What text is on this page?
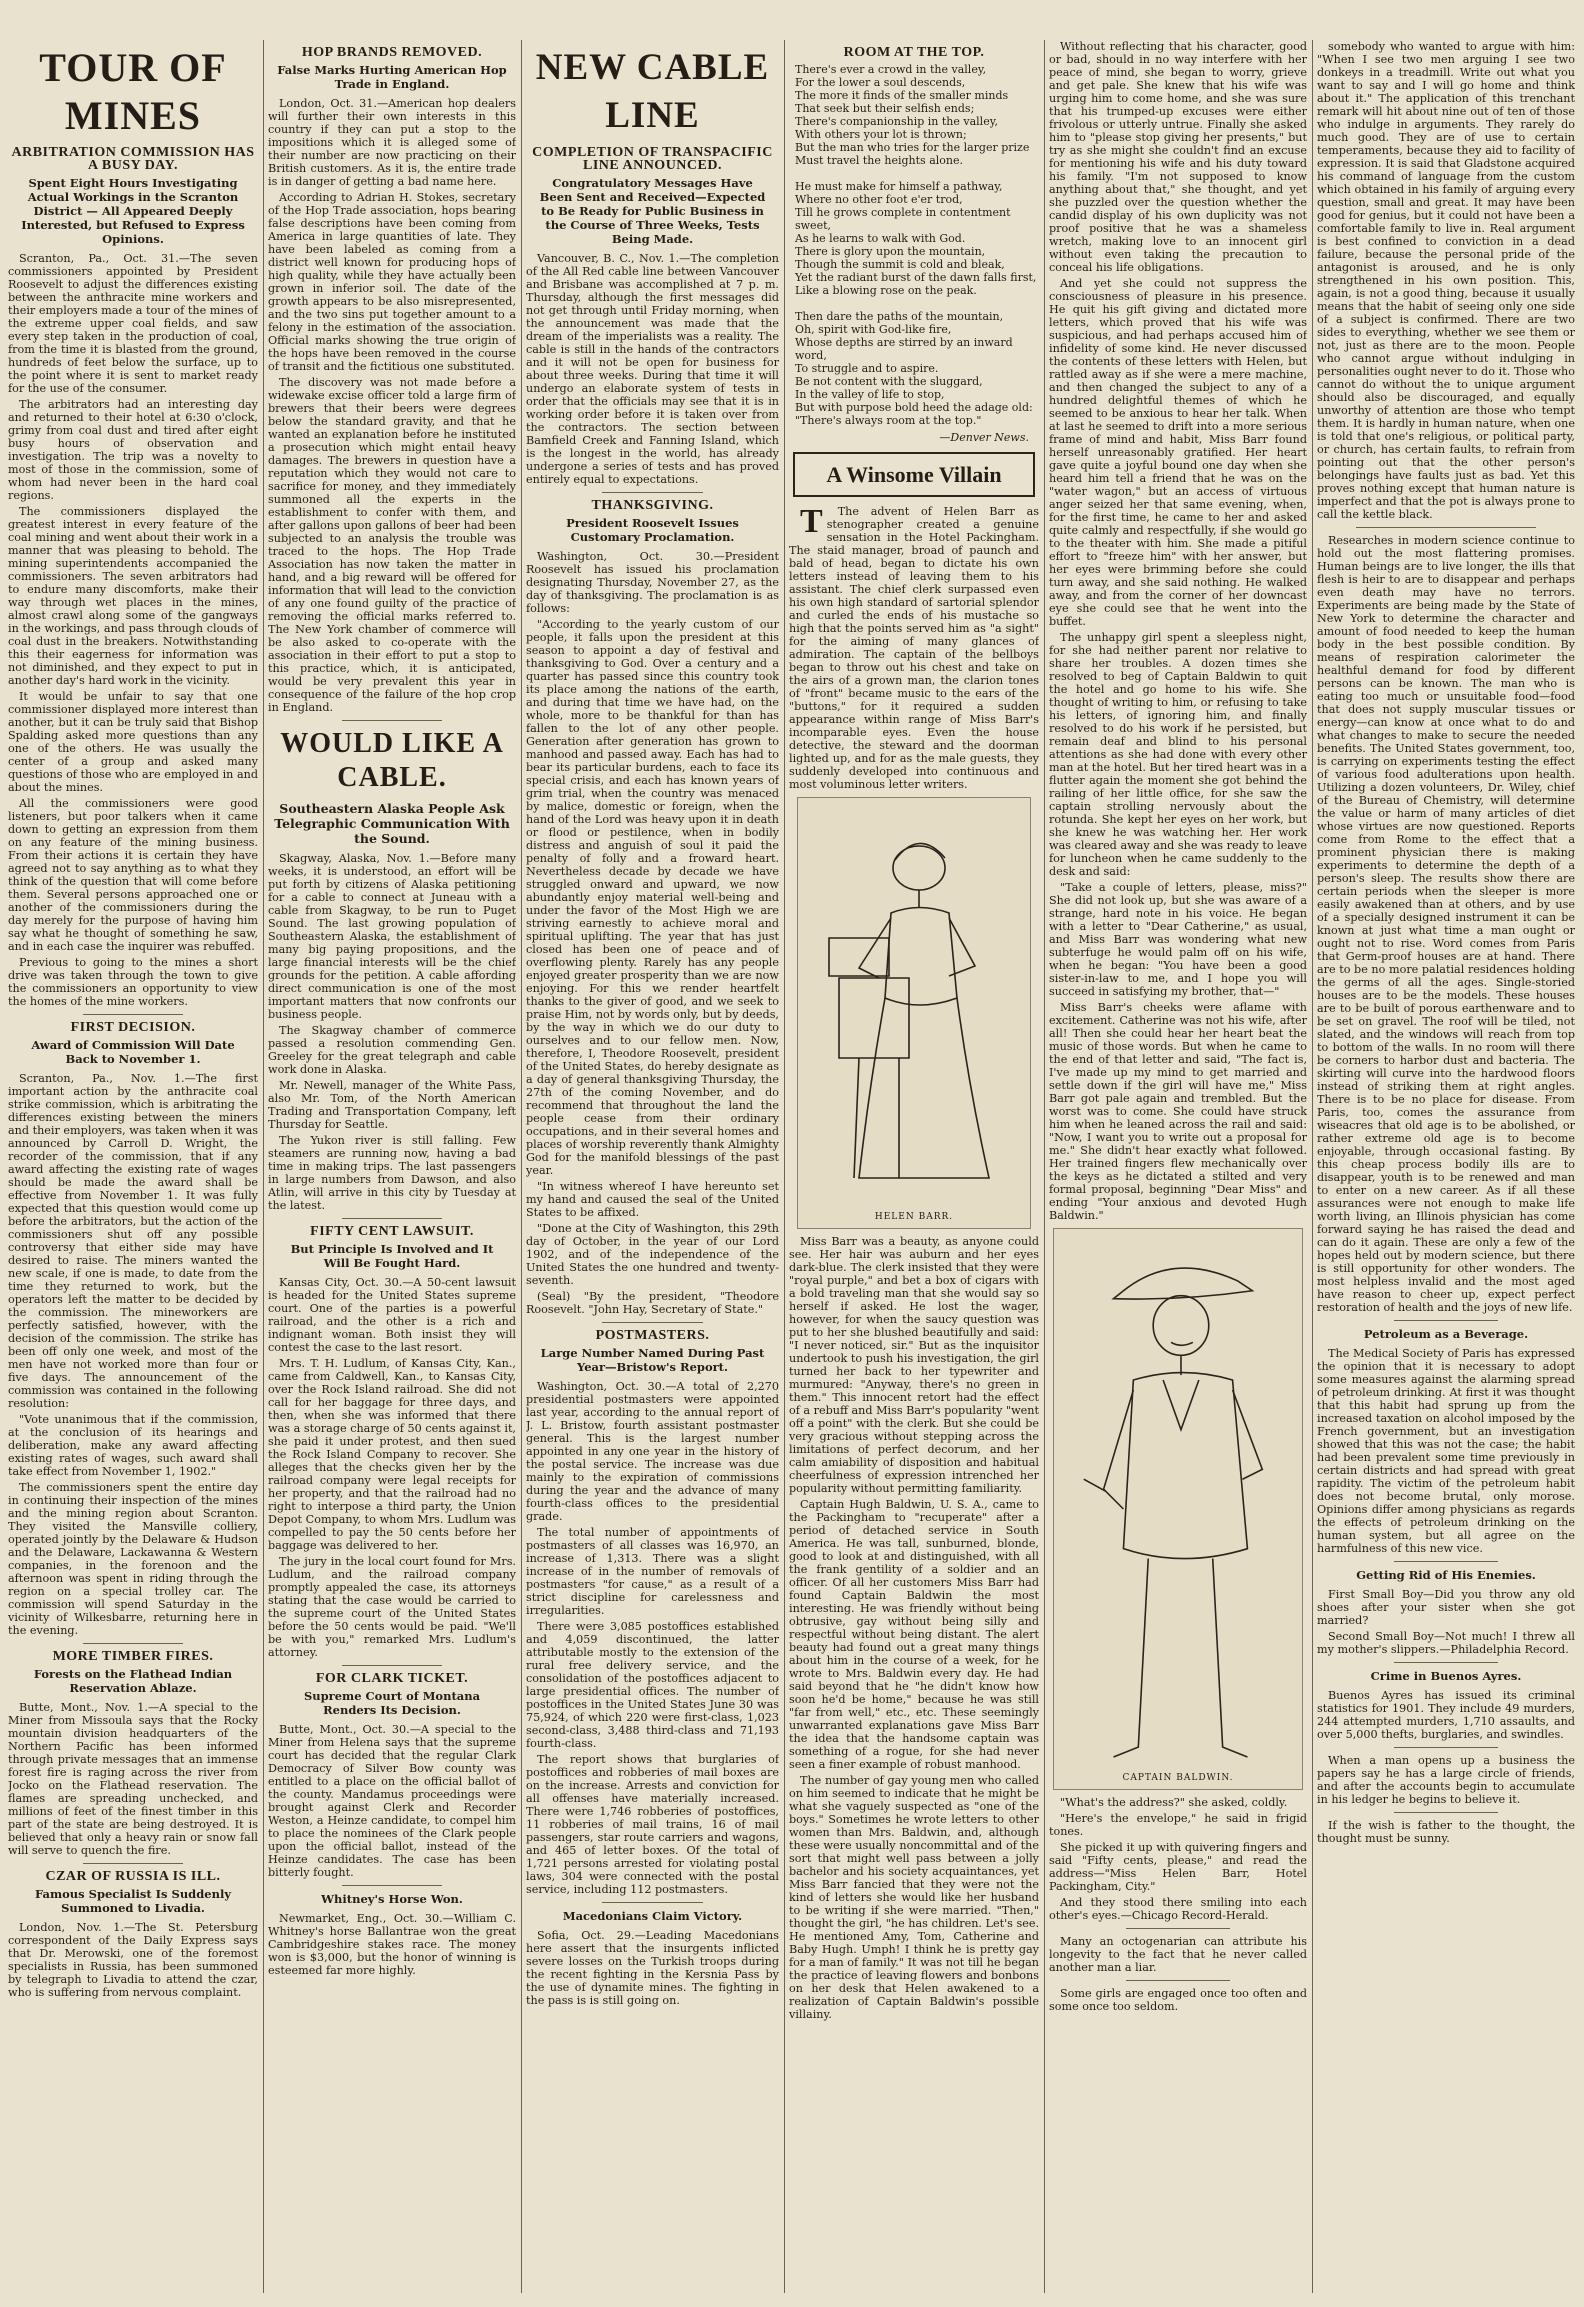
TOUR OF MINES
ARBITRATION COMMISSION HAS A BUSY DAY.
Spent Eight Hours Investigating Actual Workings in the Scranton District — All Appeared Deeply Interested, but Refused to Express Opinions.

Scranton, Pa., Oct. 31.—The seven commissioners appointed by President Roosevelt to adjust the differences existing between the anthracite mine workers and their employers made a tour of the mines of the extreme upper coal fields, and saw every step taken in the production of coal, from the time it is blasted from the ground, hundreds of feet below the surface, up to the point where it is sent to market ready for the use of the consumer.

The arbitrators had an interesting day and returned to their hotel at 6:30 o'clock, grimy from coal dust and tired after eight busy hours of observation and investigation. The trip was a novelty to most of those in the commission, some of whom had never been in the hard coal regions.

The commissioners displayed the greatest interest in every feature of the coal mining and went about their work in a manner that was pleasing to behold. The mining superintendents accompanied the commissioners. The seven arbitrators had to endure many discomforts, make their way through wet places in the mines, almost crawl along some of the gangways in the workings, and pass through clouds of coal dust in the breakers. Notwithstanding this their eagerness for information was not diminished, and they expect to put in another day's hard work in the vicinity.

It would be unfair to say that one commissioner displayed more interest than another, but it can be truly said that Bishop Spalding asked more questions than any one of the others. He was usually the center of a group and asked many questions of those who are employed in and about the mines.

All the commissioners were good listeners, but poor talkers when it came down to getting an expression from them on any feature of the mining business. From their actions it is certain they have agreed not to say anything as to what they think of the question that will come before them. Several persons approached one or another of the commissioners during the day merely for the purpose of having him say what he thought of something he saw, and in each case the inquirer was rebuffed.

Previous to going to the mines a short drive was taken through the town to give the commissioners an opportunity to view the homes of the mine workers.

FIRST DECISION.
Award of Commission Will Date Back to November 1.

Scranton, Pa., Nov. 1.—The first important action by the anthracite coal strike commission, which is arbitrating the differences existing between the miners and their employers, was taken when it was announced by Carroll D. Wright, the recorder of the commission, that if any award affecting the existing rate of wages should be made the award shall be effective from November 1. It was fully expected that this question would come up before the arbitrators, but the action of the commissioners shut off any possible controversy that either side may have desired to raise. The miners wanted the new scale, if one is made, to date from the time they returned to work, but the operators left the matter to be decided by the commission. The mineworkers are perfectly satisfied, however, with the decision of the commission. The strike has been off only one week, and most of the men have not worked more than four or five days. The announcement of the commission was contained in the following resolution:

"Vote unanimous that if the commission, at the conclusion of its hearings and deliberation, make any award affecting existing rates of wages, such award shall take effect from November 1, 1902."

The commissioners spent the entire day in continuing their inspection of the mines and the mining region about Scranton. They visited the Mansville colliery, operated jointly by the Delaware & Hudson and the Delaware, Lackawanna & Western companies, in the forenoon and the afternoon was spent in riding through the region on a special trolley car. The commission will spend Saturday in the vicinity of Wilkesbarre, returning here in the evening.

MORE TIMBER FIRES.
Forests on the Flathead Indian Reservation Ablaze.

Butte, Mont., Nov. 1.—A special to the Miner from Missoula says that the Rocky mountain division headquarters of the Northern Pacific has been informed through private messages that an immense forest fire is raging across the river from Jocko on the Flathead reservation. The flames are spreading unchecked, and millions of feet of the finest timber in this part of the state are being destroyed. It is believed that only a heavy rain or snow fall will serve to quench the fire.

CZAR OF RUSSIA IS ILL.
Famous Specialist Is Suddenly Summoned to Livadia.

London, Nov. 1.—The St. Petersburg correspondent of the Daily Express says that Dr. Merowski, one of the foremost specialists in Russia, has been summoned by telegraph to Livadia to attend the czar, who is suffering from nervous complaint.

HOP BRANDS REMOVED.
False Marks Hurting American Hop Trade in England.

London, Oct. 31.—American hop dealers will further their own interests in this country if they can put a stop to the impositions which it is alleged some of their number are now practicing on their British customers. As it is, the entire trade is in danger of getting a bad name here.

According to Adrian H. Stokes, secretary of the Hop Trade association, hops bearing false descriptions have been coming from America in large quantities of late. They have been labeled as coming from a district well known for producing hops of high quality, while they have actually been grown in inferior soil. The date of the growth appears to be also misrepresented, and the two sins put together amount to a felony in the estimation of the association. Official marks showing the true origin of the hops have been removed in the course of transit and the fictitious one substituted.

The discovery was not made before a widewake excise officer told a large firm of brewers that their beers were degrees below the standard gravity, and that he wanted an explanation before he instituted a prosecution which might entail heavy damages. The brewers in question have a reputation which they would not care to sacrifice for money, and they immediately summoned all the experts in the establishment to confer with them, and after gallons upon gallons of beer had been subjected to an analysis the trouble was traced to the hops. The Hop Trade Association has now taken the matter in hand, and a big reward will be offered for information that will lead to the conviction of any one found guilty of the practice of removing the official marks referred to. The New York chamber of commerce will be also asked to co-operate with the association in their effort to put a stop to this practice, which, it is anticipated, would be very prevalent this year in consequence of the failure of the hop crop in England.

WOULD LIKE A CABLE.
Southeastern Alaska People Ask Telegraphic Communication With the Sound.

Skagway, Alaska, Nov. 1.—Before many weeks, it is understood, an effort will be put forth by citizens of Alaska petitioning for a cable to connect at Juneau with a cable from Skagway, to be run to Puget Sound. The last growing population of Southeastern Alaska, the establishment of many big paying propositions, and the large financial interests will be the chief grounds for the petition. A cable affording direct communication is one of the most important matters that now confronts our business people.

The Skagway chamber of commerce passed a resolution commending Gen. Greeley for the great telegraph and cable work done in Alaska.

Mr. Newell, manager of the White Pass, also Mr. Tom, of the North American Trading and Transportation Company, left Thursday for Seattle.

The Yukon river is still falling. Few steamers are running now, having a bad time in making trips. The last passengers in large numbers from Dawson, and also Atlin, will arrive in this city by Tuesday at the latest.

FIFTY CENT LAWSUIT.
But Principle Is Involved and It Will Be Fought Hard.

Kansas City, Oct. 30.—A 50-cent lawsuit is headed for the United States supreme court. One of the parties is a powerful railroad, and the other is a rich and indignant woman. Both insist they will contest the case to the last resort.

Mrs. T. H. Ludlum, of Kansas City, Kan., came from Caldwell, Kan., to Kansas City, over the Rock Island railroad. She did not call for her baggage for three days, and then, when she was informed that there was a storage charge of 50 cents against it, she paid it under protest, and then sued the Rock Island Company to recover. She alleges that the checks given her by the railroad company were legal receipts for her property, and that the railroad had no right to interpose a third party, the Union Depot Company, to whom Mrs. Ludlum was compelled to pay the 50 cents before her baggage was delivered to her.

The jury in the local court found for Mrs. Ludlum, and the railroad company promptly appealed the case, its attorneys stating that the case would be carried to the supreme court of the United States before the 50 cents would be paid. "We'll be with you," remarked Mrs. Ludlum's attorney.

FOR CLARK TICKET.
Supreme Court of Montana Renders Its Decision.

Butte, Mont., Oct. 30.—A special to the Miner from Helena says that the supreme court has decided that the regular Clark Democracy of Silver Bow county was entitled to a place on the official ballot of the county. Mandamus proceedings were brought against Clerk and Recorder Weston, a Heinze candidate, to compel him to place the nominees of the Clark people upon the official ballot, instead of the Heinze candidates. The case has been bitterly fought.

Whitney's Horse Won.

Newmarket, Eng., Oct. 30.—William C. Whitney's horse Ballantrae won the great Cambridgeshire stakes race. The money won is $3,000, but the honor of winning is esteemed far more highly.

NEW CABLE LINE
COMPLETION OF TRANSPACIFIC LINE ANNOUNCED.
Congratulatory Messages Have Been Sent and Received—Expected to Be Ready for Public Business in the Course of Three Weeks, Tests Being Made.

Vancouver, B. C., Nov. 1.—The completion of the All Red cable line between Vancouver and Brisbane was accomplished at 7 p. m. Thursday, although the first messages did not get through until Friday morning, when the announcement was made that the dream of the imperialists was a reality. The cable is still in the hands of the contractors and it will not be open for business for about three weeks. During that time it will undergo an elaborate system of tests in order that the officials may see that it is in working order before it is taken over from the contractors. The section between Bamfield Creek and Fanning Island, which is the longest in the world, has already undergone a series of tests and has proved entirely equal to expectations.

THANKSGIVING.
President Roosevelt Issues Customary Proclamation.

Washington, Oct. 30.—President Roosevelt has issued his proclamation designating Thursday, November 27, as the day of thanksgiving. The proclamation is as follows:

"According to the yearly custom of our people, it falls upon the president at this season to appoint a day of festival and thanksgiving to God. Over a century and a quarter has passed since this country took its place among the nations of the earth, and during that time we have had, on the whole, more to be thankful for than has fallen to the lot of any other people. Generation after generation has grown to manhood and passed away. Each has had to bear its particular burdens, each to face its special crisis, and each has known years of grim trial, when the country was menaced by malice, domestic or foreign, when the hand of the Lord was heavy upon it in death or flood or pestilence, when in bodily distress and anguish of soul it paid the penalty of folly and a froward heart. Nevertheless decade by decade we have struggled onward and upward, we now abundantly enjoy material well-being and under the favor of the Most High we are striving earnestly to achieve moral and spiritual uplifting. The year that has just closed has been one of peace and of overflowing plenty. Rarely has any people enjoyed greater prosperity than we are now enjoying. For this we render heartfelt thanks to the giver of good, and we seek to praise Him, not by words only, but by deeds, by the way in which we do our duty to ourselves and to our fellow men. Now, therefore, I, Theodore Roosevelt, president of the United States, do hereby designate as a day of general thanksgiving Thursday, the 27th of the coming November, and do recommend that throughout the land the people cease from their ordinary occupations, and in their several homes and places of worship reverently thank Almighty God for the manifold blessings of the past year.

"In witness whereof I have hereunto set my hand and caused the seal of the United States to be affixed.

"Done at the City of Washington, this 29th day of October, in the year of our Lord 1902, and of the independence of the United States the one hundred and twenty-seventh.

(Seal) "By the president, "Theodore Roosevelt. "John Hay, Secretary of State."

POSTMASTERS.
Large Number Named During Past Year—Bristow's Report.

Washington, Oct. 30.—A total of 2,270 presidential postmasters were appointed last year, according to the annual report of J. L. Bristow, fourth assistant postmaster general. This is the largest number appointed in any one year in the history of the postal service. The increase was due mainly to the expiration of commissions during the year and the advance of many fourth-class offices to the presidential grade.

The total number of appointments of postmasters of all classes was 16,970, an increase of 1,313. There was a slight increase of in the number of removals of postmasters "for cause," as a result of a strict discipline for carelessness and irregularities.

There were 3,085 postoffices established and 4,059 discontinued, the latter attributable mostly to the extension of the rural free delivery service, and the consolidation of the postoffices adjacent to large presidential offices. The number of postoffices in the United States June 30 was 75,924, of which 220 were first-class, 1,023 second-class, 3,488 third-class and 71,193 fourth-class.

The report shows that burglaries of postoffices and robberies of mail boxes are on the increase. Arrests and conviction for all offenses have materially increased. There were 1,746 robberies of postoffices, 11 robberies of mail trains, 16 of mail passengers, star route carriers and wagons, and 465 of letter boxes. Of the total of 1,721 persons arrested for violating postal laws, 304 were connected with the postal service, including 112 postmasters.

Macedonians Claim Victory.

Sofia, Oct. 29.—Leading Macedonians here assert that the insurgents inflicted severe losses on the Turkish troops during the recent fighting in the Kersnia Pass by the use of dynamite mines. The fighting in the pass is is still going on.

ROOM AT THE TOP.
There's ever a crowd in the valley,
For the lower a soul descends,
The more it finds of the smaller minds
That seek but their selfish ends;
There's companionship in the valley,
With others your lot is thrown;
But the man who tries for the larger prize
Must travel the heights alone.

He must make for himself a pathway,
Where no other foot e'er trod,
Till he grows complete in contentment sweet,
As he learns to walk with God.
There is glory upon the mountain,
Though the summit is cold and bleak,
Yet the radiant burst of the dawn falls first,
Like a blowing rose on the peak.

Then dare the paths of the mountain,
Oh, spirit with God-like fire,
Whose depths are stirred by an inward word,
To struggle and to aspire.
Be not content with the sluggard,
In the valley of life to stop,
But with purpose bold heed the adage old:
"There's always room at the top."
—Denver News.
A Winsome Villain

T The advent of Helen Barr as stenographer created a genuine sensation in the Hotel Packingham. The staid manager, broad of paunch and bald of head, began to dictate his own letters instead of leaving them to his assistant. The chief clerk surpassed even his own high standard of sartorial splendor and curled the ends of his mustache so high that the points served him as "a sight" for the aiming of many glances of admiration. The captain of the bellboys began to throw out his chest and take on the airs of a grown man, the clarion tones of "front" became music to the ears of the "buttons," for it required a sudden appearance within range of Miss Barr's incomparable eyes. Even the house detective, the steward and the doorman lighted up, and for as the male guests, they suddenly developed into continuous and most voluminous letter writers.

HELEN BARR.

Miss Barr was a beauty, as anyone could see. Her hair was auburn and her eyes dark-blue. The clerk insisted that they were "royal purple," and bet a box of cigars with a bold traveling man that she would say so herself if asked. He lost the wager, however, for when the saucy question was put to her she blushed beautifully and said: "I never noticed, sir." But as the inquisitor undertook to push his investigation, the girl turned her back to her typewriter and murmured: "Anyway, there's no green in them." This innocent retort had the effect of a rebuff and Miss Barr's popularity "went off a point" with the clerk. But she could be very gracious without stepping across the limitations of perfect decorum, and her calm amiability of disposition and habitual cheerfulness of expression intrenched her popularity without permitting familiarity.

Captain Hugh Baldwin, U. S. A., came to the Packingham to "recuperate" after a period of detached service in South America. He was tall, sunburned, blonde, good to look at and distinguished, with all the frank gentility of a soldier and an officer. Of all her customers Miss Barr had found Captain Baldwin the most interesting. He was friendly without being obtrusive, gay without being silly and respectful without being distant. The alert beauty had found out a great many things about him in the course of a week, for he wrote to Mrs. Baldwin every day. He had said beyond that he "he didn't know how soon he'd be home," because he was still "far from well," etc., etc. These seemingly unwarranted explanations gave Miss Barr the idea that the handsome captain was something of a rogue, for she had never seen a finer example of robust manhood.

The number of gay young men who called on him seemed to indicate that he might be what she vaguely suspected as "one of the boys." Sometimes he wrote letters to other women than Mrs. Baldwin, and, although these were usually noncommittal and of the sort that might well pass between a jolly bachelor and his society acquaintances, yet Miss Barr fancied that they were not the kind of letters she would like her husband to be writing if she were married. "Then," thought the girl, "he has children. Let's see. He mentioned Amy, Tom, Catherine and Baby Hugh. Umph! I think he is pretty gay for a man of family." It was not till he began the practice of leaving flowers and bonbons on her desk that Helen awakened to a realization of Captain Baldwin's possible villainy.

Without reflecting that his character, good or bad, should in no way interfere with her peace of mind, she began to worry, grieve and get pale. She knew that his wife was urging him to come home, and she was sure that his trumped-up excuses were either frivolous or utterly untrue. Finally she asked him to "please stop giving her presents," but try as she might she couldn't find an excuse for mentioning his wife and his duty toward his family. "I'm not supposed to know anything about that," she thought, and yet she puzzled over the question whether the candid display of his own duplicity was not proof positive that he was a shameless wretch, making love to an innocent girl without even taking the precaution to conceal his life obligations.

And yet she could not suppress the consciousness of pleasure in his presence. He quit his gift giving and dictated more letters, which proved that his wife was suspicious, and had perhaps accused him of infidelity of some kind. He never discussed the contents of these letters with Helen, but rattled away as if she were a mere machine, and then changed the subject to any of a hundred delightful themes of which he seemed to be anxious to hear her talk. When at last he seemed to drift into a more serious frame of mind and habit, Miss Barr found herself unreasonably gratified. Her heart gave quite a joyful bound one day when she heard him tell a friend that he was on the "water wagon," but an access of virtuous anger seized her that same evening, when, for the first time, he came to her and asked quite calmly and respectfully, if she would go to the theater with him. She made a pitiful effort to "freeze him" with her answer, but her eyes were brimming before she could turn away, and she said nothing. He walked away, and from the corner of her downcast eye she could see that he went into the buffet.

The unhappy girl spent a sleepless night, for she had neither parent nor relative to share her troubles. A dozen times she resolved to beg of Captain Baldwin to quit the hotel and go home to his wife. She thought of writing to him, or refusing to take his letters, of ignoring him, and finally resolved to do his work if he persisted, but remain deaf and blind to his personal attentions as she had done with every other man at the hotel. But her tired heart was in a flutter again the moment she got behind the railing of her little office, for she saw the captain strolling nervously about the rotunda. She kept her eyes on her work, but she knew he was watching her. Her work was cleared away and she was ready to leave for luncheon when he came suddenly to the desk and said:

"Take a couple of letters, please, miss?" She did not look up, but she was aware of a strange, hard note in his voice. He began with a letter to "Dear Catherine," as usual, and Miss Barr was wondering what new subterfuge he would palm off on his wife, when he began: "You have been a good sister-in-law to me, and I hope you will succeed in satisfying my brother, that—"

Miss Barr's cheeks were aflame with excitement. Catherine was not his wife, after all! Then she could hear her heart beat the music of those words. But when he came to the end of that letter and said, "The fact is, I've made up my mind to get married and settle down if the girl will have me," Miss Barr got pale again and trembled. But the worst was to come. She could have struck him when he leaned across the rail and said: "Now, I want you to write out a proposal for me." She didn't hear exactly what followed. Her trained fingers flew mechanically over the keys as he dictated a stilted and very formal proposal, beginning "Dear Miss" and ending "Your anxious and devoted Hugh Baldwin."

CAPTAIN BALDWIN.

"What's the address?" she asked, coldly.

"Here's the envelope," he said in frigid tones.

She picked it up with quivering fingers and said "Fifty cents, please," and read the address—"Miss Helen Barr, Hotel Packingham, City."

And they stood there smiling into each other's eyes.—Chicago Record-Herald.

Many an octogenarian can attribute his longevity to the fact that he never called another man a liar.

Some girls are engaged once too often and some once too seldom.

somebody who wanted to argue with him: "When I see two men arguing I see two donkeys in a treadmill. Write out what you want to say and I will go home and think about it." The application of this trenchant remark will hit about nine out of ten of those who indulge in arguments. They rarely do much good. They are of use to certain temperaments, because they aid to facility of expression. It is said that Gladstone acquired his command of language from the custom which obtained in his family of arguing every question, small and great. It may have been good for genius, but it could not have been a comfortable family to live in. Real argument is best confined to conviction in a dead failure, because the personal pride of the antagonist is aroused, and he is only strengthened in his own position. This, again, is not a good thing, because it usually means that the habit of seeing only one side of a subject is confirmed. There are two sides to everything, whether we see them or not, just as there are to the moon. People who cannot argue without indulging in personalities ought never to do it. Those who cannot do without the to unique argument should also be discouraged, and equally unworthy of attention are those who tempt them. It is hardly in human nature, when one is told that one's religious, or political party, or church, has certain faults, to refrain from pointing out that the other person's belongings have faults just as bad. Yet this proves nothing except that human nature is imperfect and that the pot is always prone to call the kettle black.

Researches in modern science continue to hold out the most flattering promises. Human beings are to live longer, the ills that flesh is heir to are to disappear and perhaps even death may have no terrors. Experiments are being made by the State of New York to determine the character and amount of food needed to keep the human body in the best possible condition. By means of respiration calorimeter the healthful demand for food by different persons can be known. The man who is eating too much or unsuitable food—food that does not supply muscular tissues or energy—can know at once what to do and what changes to make to secure the needed benefits. The United States government, too, is carrying on experiments testing the effect of various food adulterations upon health. Utilizing a dozen volunteers, Dr. Wiley, chief of the Bureau of Chemistry, will determine the value or harm of many articles of diet whose virtues are now questioned. Reports come from Rome to the effect that a prominent physician there is making experiments to determine the depth of a person's sleep. The results show there are certain periods when the sleeper is more easily awakened than at others, and by use of a specially designed instrument it can be known at just what time a man ought or ought not to rise. Word comes from Paris that Germ-proof houses are at hand. There are to be no more palatial residences holding the germs of all the ages. Single-storied houses are to be the models. These houses are to be built of porous earthenware and to be set on gravel. The roof will be tiled, not slated, and the windows will reach from top to bottom of the walls. In no room will there be corners to harbor dust and bacteria. The skirting will curve into the hardwood floors instead of striking them at right angles. There is to be no place for disease. From Paris, too, comes the assurance from wiseacres that old age is to be abolished, or rather extreme old age is to become enjoyable, through occasional fasting. By this cheap process bodily ills are to disappear, youth is to be renewed and man to enter on a new career. As if all these assurances were not enough to make life worth living, an Illinois physician has come forward saying he has raised the dead and can do it again. These are only a few of the hopes held out by modern science, but there is still opportunity for other wonders. The most helpless invalid and the most aged have reason to cheer up, expect perfect restoration of health and the joys of new life.

Petroleum as a Beverage.

The Medical Society of Paris has expressed the opinion that it is necessary to adopt some measures against the alarming spread of petroleum drinking. At first it was thought that this habit had sprung up from the increased taxation on alcohol imposed by the French government, but an investigation showed that this was not the case; the habit had been prevalent some time previously in certain districts and had spread with great rapidity. The victim of the petroleum habit does not become brutal, only morose. Opinions differ among physicians as regards the effects of petroleum drinking on the human system, but all agree on the harmfulness of this new vice.

Getting Rid of His Enemies.

First Small Boy—Did you throw any old shoes after your sister when she got married?

Second Small Boy—Not much! I threw all my mother's slippers.—Philadelphia Record.

Crime in Buenos Ayres.

Buenos Ayres has issued its criminal statistics for 1901. They include 49 murders, 244 attempted murders, 1,710 assaults, and over 5,000 thefts, burglaries, and swindles.

When a man opens up a business the papers say he has a large circle of friends, and after the accounts begin to accumulate in his ledger he begins to believe it.

If the wish is father to the thought, the thought must be sunny.
